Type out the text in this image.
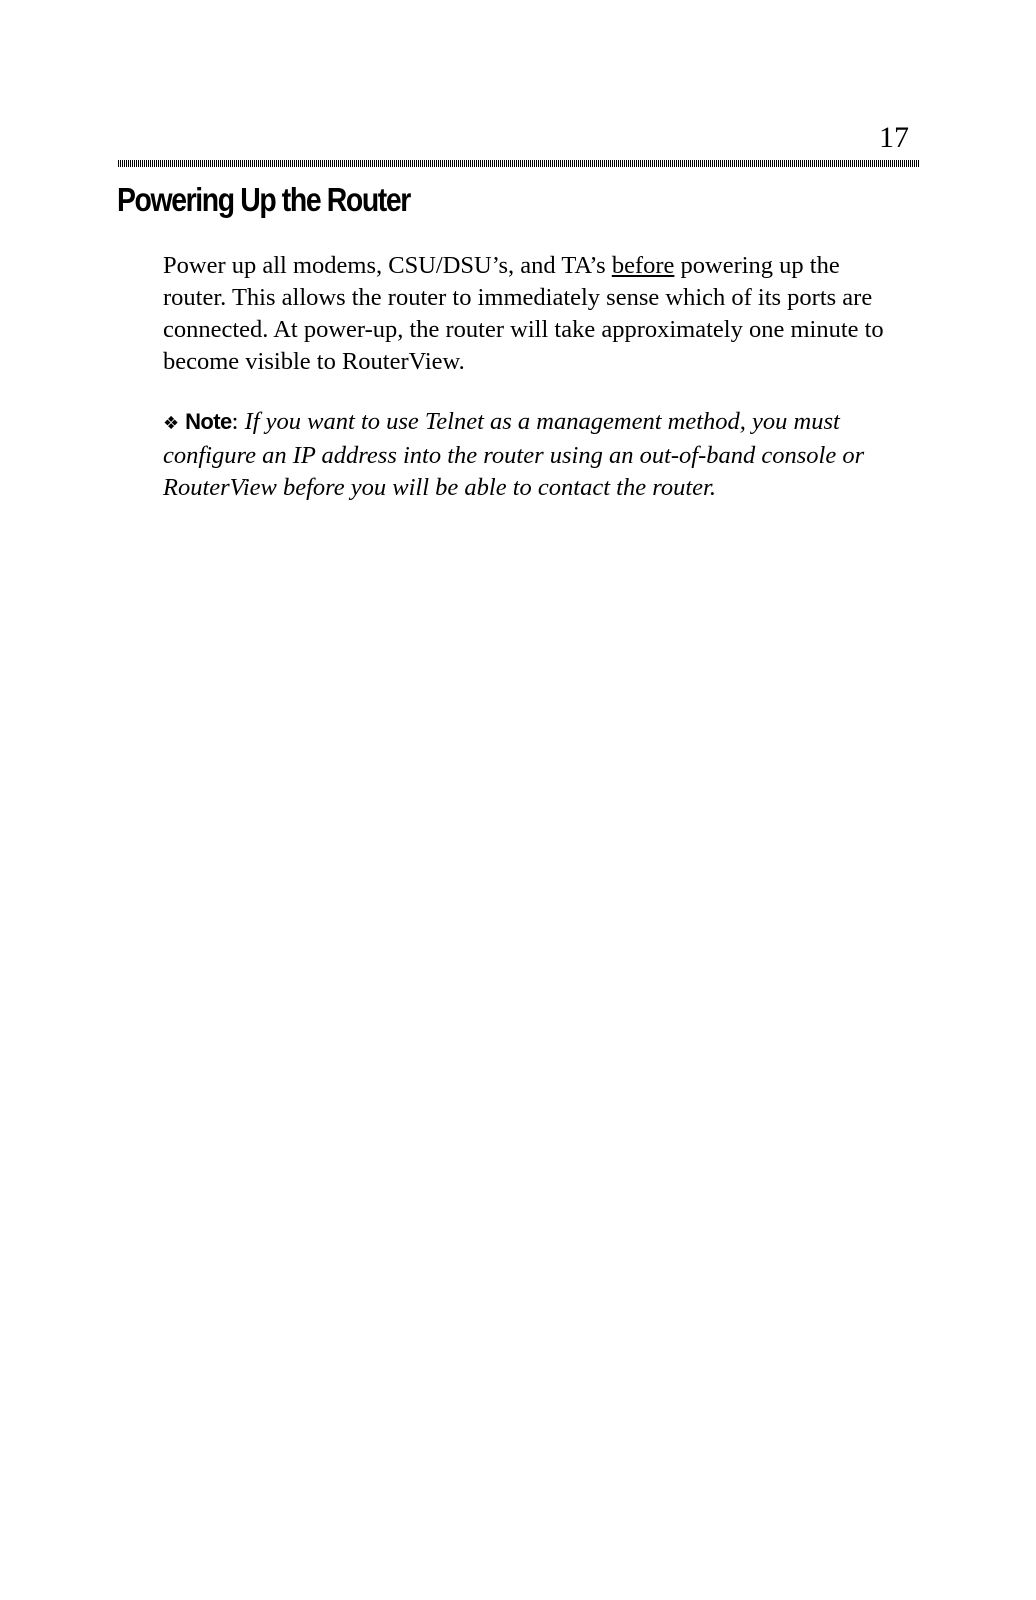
17
Powering Up the Router

Power up all modems, CSU/DSU’s, and TA’s before powering up the router. This allows the router to immediately sense which of its ports are connected. At power-up, the router will take approximately one minute to become visible to RouterView.

❖ Note: If you want to use Telnet as a management method, you must configure an IP address into the router using an out-of-band console or RouterView before you will be able to contact the router.
